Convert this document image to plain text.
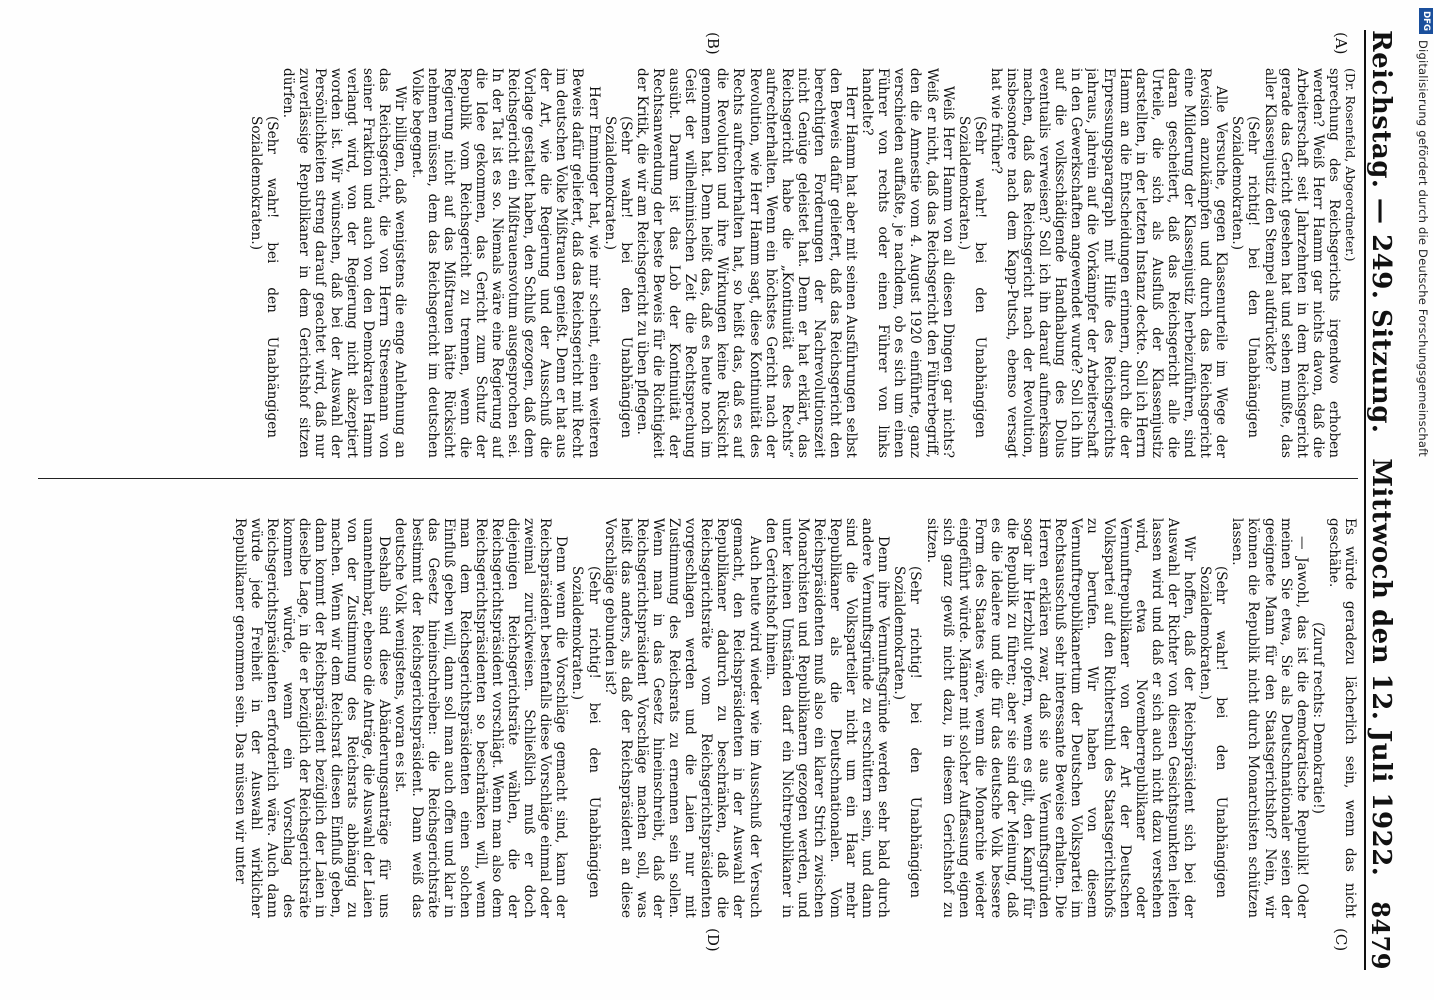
Reichstag. — 249. Sitzung.
Mittwoch den 12. Juli 1922.
8479
(A)
(B)
(C)
(D)

(Dr. Rosenfeld, Abgeordneter.)

sprechung des Reichsgerichts irgendwo erhoben werden? Weiß Herr Hamm gar nichts davon, daß die Arbeiterschaft seit Jahrzehnten in dem Reichsgericht gerade das Gericht gesehen hat und sehen mußte, das aller Klassenjustiz den Stempel aufdrückte?

(Sehr richtig! bei den Unabhängigen Sozialdemokraten.)

Alle Versuche, gegen Klassenurteile im Wege der Revision anzukämpfen und durch das Reichsgericht eine Milderung der Klassenjustiz herbeizuführen, sind daran gescheitert, daß das Reichsgericht alle die Urteile, die sich als Ausfluß der Klassenjustiz darstellten, in der letzten Instanz deckte. Soll ich Herrn Hamm an die Entscheidungen erinnern, durch die der Erpressungsparagraph mit Hilfe des Reichsgerichts jahraus, jahrein auf die Vorkämpfer der Arbeiterschaft in den Gewerkschaften angewendet wurde? Soll ich ihn auf die volksschädigende Handhabung des Dolus eventualis verweisen? Soll ich ihn darauf aufmerksam machen, daß das Reichsgericht nach der Revolution, insbesondere nach dem Kapp-Putsch, ebenso versagt hat wie früher?

(Sehr wahr! bei den Unabhängigen Sozialdemokraten.)

Weiß Herr Hamm von all diesen Dingen gar nichts? Weiß er nicht, daß das Reichsgericht den Führerbegriff, den die Amnestie vom 4. August 1920 einführte, ganz verschieden auffaßte, je nachdem, ob es sich um einen Führer von rechts oder einen Führer von links handelte?

Herr Hamm hat aber mit seinen Ausführungen selbst den Beweis dafür geliefert, daß das Reichsgericht den berechtigten Forderungen der Nachrevolutionszeit nicht Genüge geleistet hat. Denn er hat erklärt, das Reichsgericht habe die „Kontinuität des Rechts“ aufrechterhalten. Wenn ein höchstes Gericht nach der Revolution, wie Herr Hamm sagt, diese Kontinuität des Rechts aufrechterhalten hat, so heißt das, daß es auf die Revolution und ihre Wirkungen keine Rücksicht genommen hat. Denn heißt das, daß es heute noch im Geist der wilhelminischen Zeit die Rechtsprechung ausübt. Darum ist das Lob der Kontinuität der Rechtsanwendung der beste Beweis für die Richtigkeit der Kritik, die wir am Reichsgericht zu üben pflegen.

(Sehr wahr! bei den Unabhängigen Sozialdemokraten.)

Herr Emminger hat, wie mir scheint, einen weiteren Beweis dafür geliefert, daß das Reichsgericht mit Recht im deutschen Volke Mißtrauen genießt. Denn er hat aus der Art, wie die Regierung und der Ausschuß die Vorlage gestaltet haben, den Schluß gezogen, daß dem Reichsgericht ein Mißtrauensvotum ausgesprochen sei. In der Tat ist es so. Niemals wäre eine Regierung auf die Idee gekommen, das Gericht zum Schutz der Republik vom Reichsgericht zu trennen, wenn die Regierung nicht auf das Mißtrauen hätte Rücksicht nehmen müssen, dem das Reichsgericht im deutschen Volke begegnet.

Wir billigen, daß wenigstens die enge Anlehnung an das Reichsgericht, die von Herrn Stresemann von seiner Fraktion und auch von den Demokraten Hamm verlangt wird, von der Regierung nicht akzeptiert worden ist. Wir wünschen, daß bei der Auswahl der Persönlichkeiten streng darauf geachtet wird, daß nur zuverlässige Republikaner in dem Gerichtshof sitzen dürfen.

(Sehr wahr! bei den Unabhängigen Sozialdemokraten.)

Es würde geradezu lächerlich sein, wenn das nicht geschähe.

(Zuruf rechts: Demokratie!)

— Jawohl, das ist die demokratische Republik! Oder meinen Sie etwa, Sie als Deutschnationaler seien der geeignete Mann für den Staatsgerichtshof? Nein, wir können die Republik nicht durch Monarchisten schützen lassen.

(Sehr wahr! bei den Unabhängigen Sozialdemokraten.)

Wir hoffen, daß der Reichspräsident sich bei der Auswahl der Richter von diesen Gesichtspunkten leiten lassen wird und daß er sich auch nicht dazu verstehen wird, etwa Novemberrepublikaner oder Vernunftrepublikaner von der Art der Deutschen Volkspartei auf den Richterstuhl des Staatsgerichtshofs zu berufen. Wir haben von diesem Vernunftrepublikanertum der Deutschen Volkspartei im Rechtsausschuß sehr interessante Beweise erhalten. Die Herren erklären zwar, daß sie aus Vernunftsgründen sogar ihr Herzblut opfern, wenn es gilt, den Kampf für die Republik zu führen; aber sie sind der Meinung, daß es die idealere und die für das deutsche Volk bessere Form des Staates wäre, wenn die Monarchie wieder eingeführt würde. Männer mit solcher Auffassung eignen sich ganz gewiß nicht dazu, in diesem Gerichtshof zu sitzen.

(Sehr richtig! bei den Unabhängigen Sozialdemokraten.)

Denn ihre Vernunftsgründe werden sehr bald durch andere Vernunftsgründe zu erschüttern sein, und dann sind die Volksparteiler nicht um ein Haar mehr Republikaner als die Deutschnationalen. Vom Reichspräsidenten muß also ein klarer Strich zwischen Monarchisten und Republikanern gezogen werden, und unter keinen Umständen darf ein Nichtrepublikaner in den Gerichtshof hinein.

Auch heute wird wieder wie im Ausschuß der Versuch gemacht, den Reichspräsidenten in der Auswahl der Republikaner dadurch zu beschränken, daß die Reichsgerichtsräte vom Reichsgerichtspräsidenten vorgeschlagen werden und die Laien nur mit Zustimmung des Reichsrats zu ernennen sein sollen. Wenn man in das Gesetz hineinschreibt, daß der Reichsgerichtspräsident Vorschläge machen soll, was heißt das anders, als daß der Reichspräsident an diese Vorschläge gebunden ist?

(Sehr richtig! bei den Unabhängigen Sozialdemokraten.)

Denn wenn die Vorschläge gemacht sind, kann der Reichspräsident bestenfalls diese Vorschläge einmal oder zweimal zurückweisen. Schließlich muß er doch diejenigen Reichsgerichtsräte wählen, die der Reichsgerichtspräsident vorschlägt. Wenn man also dem Reichsgerichtspräsidenten so beschränken will, wenn man dem Reichsgerichtspräsidenten einen solchen Einfluß geben will, dann soll man auch offen und klar in das Gesetz hineinschreiben: die Reichsgerichtsräte bestimmt der Reichsgerichtspräsident. Dann weiß das deutsche Volk wenigstens, woran es ist.

Deshalb sind diese Abänderungsanträge für uns unannehmbar, ebenso die Anträge, die Auswahl der Laien von der Zustimmung des Reichsrats abhängig zu machen. Wenn wir dem Reichsrat diesen Einfluß geben, dann kommt der Reichspräsident bezüglich der Laien in dieselbe Lage, in die er bezüglich der Reichsgerichtsräte kommen würde, wenn ein Vorschlag des Reichsgerichtspräsidenten erforderlich wäre. Auch dann würde jede Freiheit in der Auswahl wirklicher Republikaner genommen sein. Das müssen wir unter

DFG
Digitalisierung gefördert durch die Deutsche Forschungsgemeinschaft
